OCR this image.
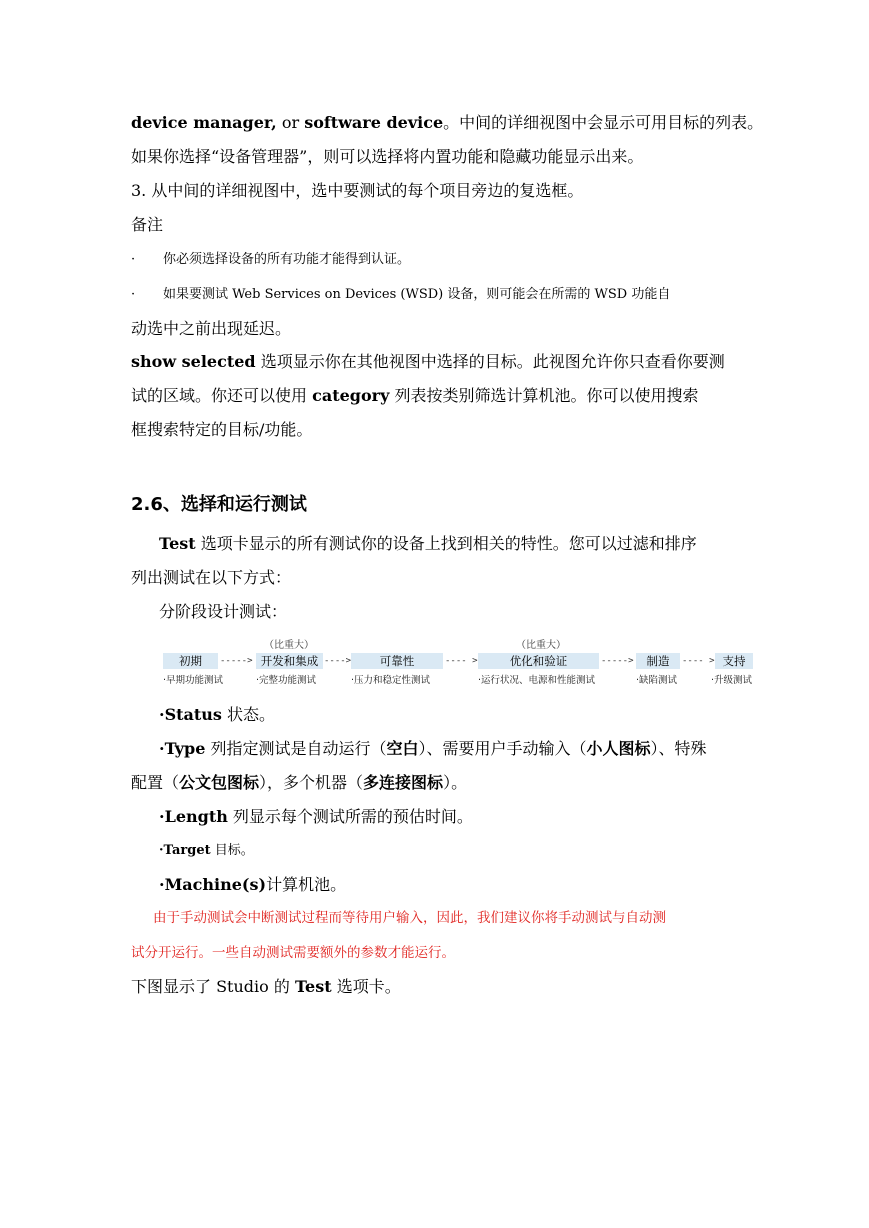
device manager, or software device。中间的详细视图中会显示可用目标的列表。
如果你选择“设备管理器”，则可以选择将内置功能和隐藏功能显示出来。
3. 从中间的详细视图中，选中要测试的每个项目旁边的复选框。
备注
· 你必须选择设备的所有功能才能得到认证。
· 如果要测试 Web Services on Devices (WSD) 设备，则可能会在所需的 WSD 功能自
动选中之前出现延迟。
show selected 选项显示你在其他视图中选择的目标。此视图允许你只查看你要测
试的区域。你还可以使用 category 列表按类别筛选计算机池。你可以使用搜索
框搜索特定的目标/功能。
2.6、选择和运行测试
Test 选项卡显示的所有测试你的设备上找到相关的特性。您可以过滤和排序
列出测试在以下方式：
分阶段设计测试：
初期	----->
（比重大）
开发和集成 ---->	可靠性	---- >
（比重大）
优化和验证	----->	制造	---- > 支持
·早期功能测试	·完整功能测试	·压力和稳定性测试	·运行状况、电源和性能测试	·缺陷测试	·升级测试
·Status 状态。
·Type 列指定测试是自动运行（空白）、需要用户手动输入（小人图标）、特殊
配置（公文包图标），多个机器（多连接图标）。
·Length 列显示每个测试所需的预估时间。
·Target 目标。
·Machine(s)计算机池。
由于手动测试会中断测试过程而等待用户输入，因此，我们建议你将手动测试与自动测
试分开运行。一些自动测试需要额外的参数才能运行。
下图显示了 Studio 的 Test 选项卡。
